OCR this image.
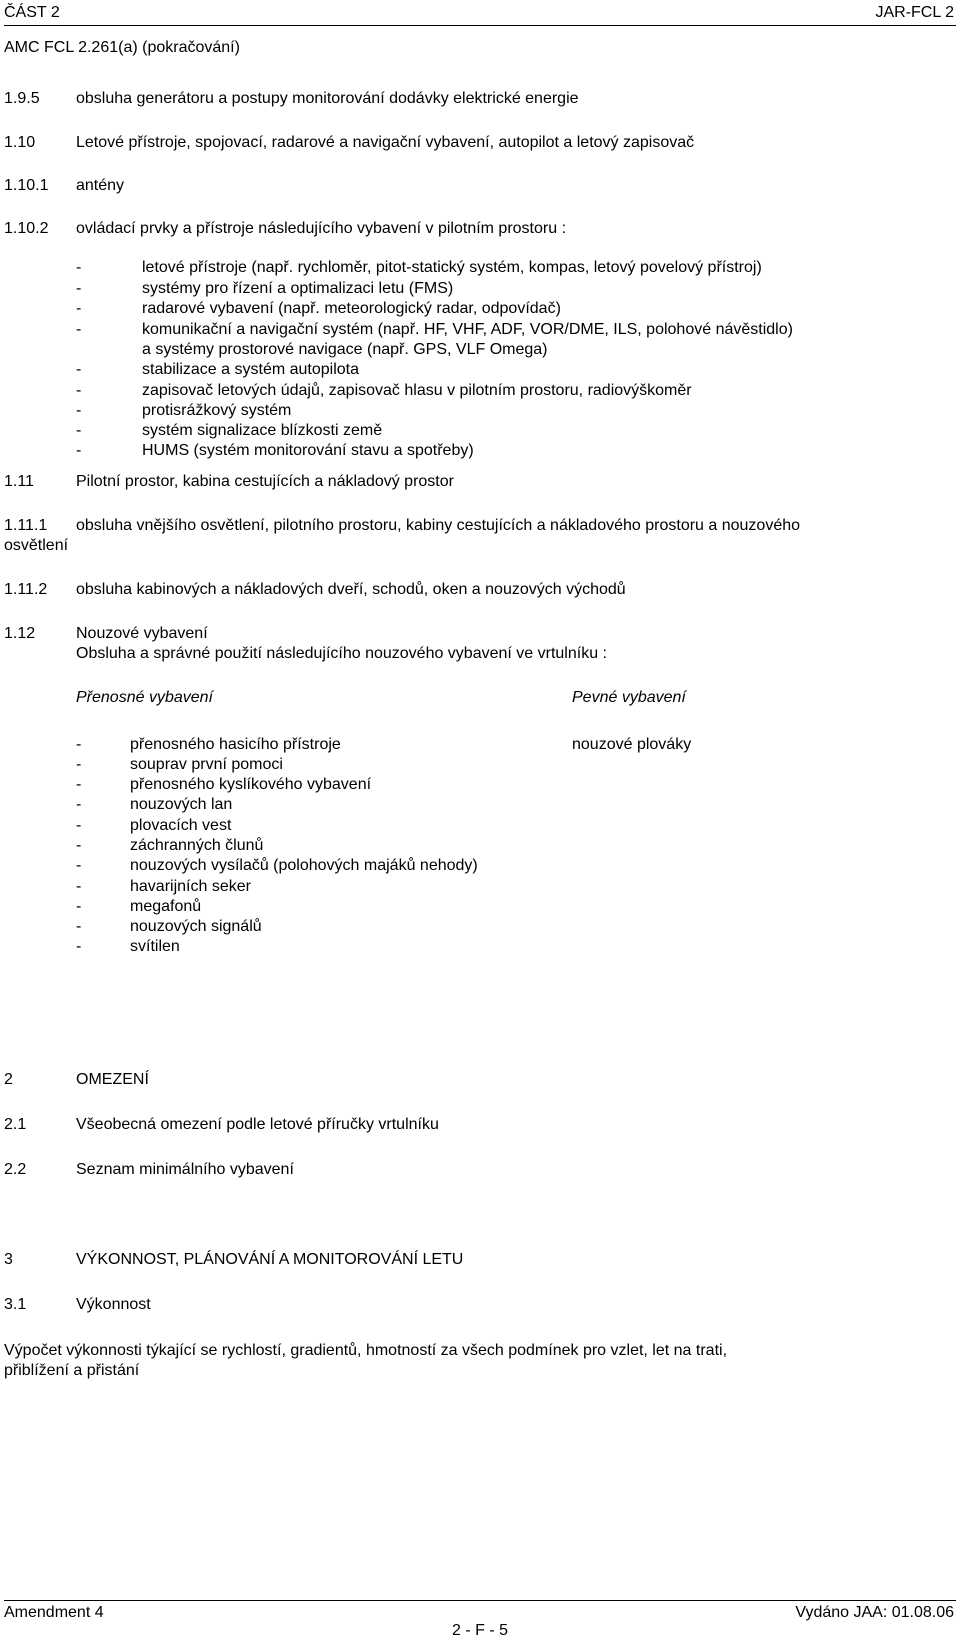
ČÁST 2	JAR-FCL 2
AMC FCL 2.261(a) (pokračování)
1.9.5 obsluha generátoru a postupy monitorování dodávky elektrické energie
1.10	Letové přístroje, spojovací, radarové a navigační vybavení, autopilot a letový zapisovač
1.10.1 antény
1.10.2 ovládací prvky a přístroje následujícího vybavení v pilotním prostoru :
-	letové přístroje (např. rychloměr, pitot-statický systém, kompas, letový povelový přístroj)
-	systémy pro řízení a optimalizaci letu (FMS)
-	radarové vybavení (např. meteorologický radar, odpovídač)
-	komunikační a navigační systém (např. HF, VHF, ADF, VOR/DME, ILS, polohové návěstidlo)
a systémy prostorové navigace (např. GPS, VLF Omega)
-	stabilizace a systém autopilota
-	zapisovač letových údajů, zapisovač hlasu v pilotním prostoru, radiovýškoměr
-	protisrážkový systém
-	systém signalizace blízkosti země
-	HUMS (systém monitorování stavu a spotřeby)
1.11	Pilotní prostor, kabina cestujících a nákladový prostor
1.11.1 obsluha vnějšího osvětlení, pilotního prostoru, kabiny cestujících a nákladového prostoru a nouzového
osvětlení
1.11.2 obsluha kabinových a nákladových dveří, schodů, oken a nouzových východů
1.12	Nouzové vybavení
Obsluha a správné použití následujícího nouzového vybavení ve vrtulníku :
Přenosné vybavení	Pevné vybavení
-	přenosného hasicího přístroje	nouzové plováky
-	souprav první pomoci
-	přenosného kyslíkového vybavení
-	nouzových lan
-	plovacích vest
-	záchranných člunů
-	nouzových vysílačů (polohových majáků nehody)
-	havarijních seker
-	megafonů
-	nouzových signálů
-	svítilen
2	OMEZENÍ
2.1	Všeobecná omezení podle letové příručky vrtulníku
2.2	Seznam minimálního vybavení
3	VÝKONNOST, PLÁNOVÁNÍ A MONITOROVÁNÍ LETU
3.1	Výkonnost
Výpočet výkonnosti týkající se rychlostí, gradientů, hmotností za všech podmínek pro vzlet, let na trati,
přiblížení a přistání
Amendment 4	Vydáno JAA: 01.08.06
2 - F - 5
